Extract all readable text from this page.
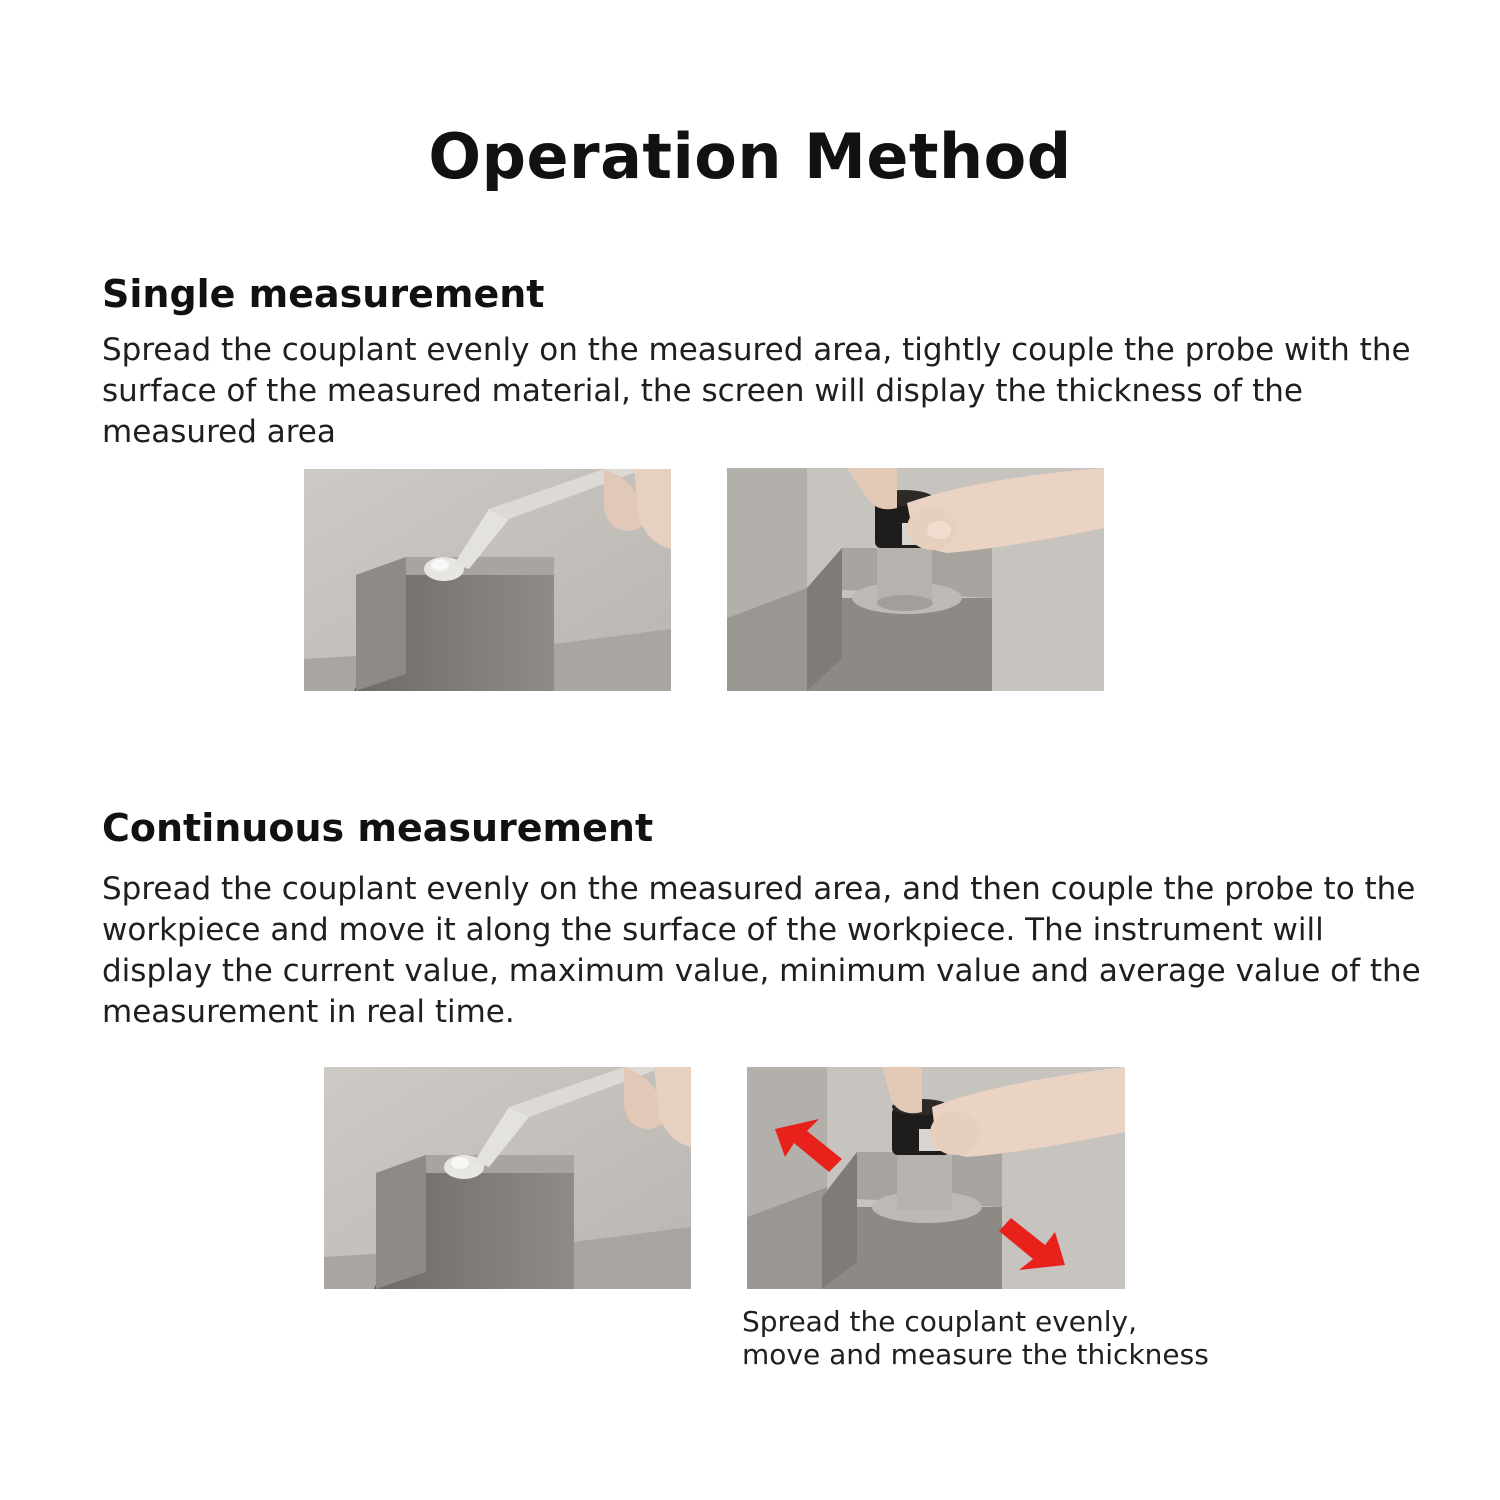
Operation Method
Single measurement

Spread the couplant evenly on the measured area, tightly couple the probe with the surface of the measured material, the screen will display the thickness of the measured area

Continuous measurement

Spread the couplant evenly on the measured area, and then couple the probe to the workpiece and move it along the surface of the workpiece. The instrument will display the current value, maximum value, minimum value and average value of the measurement in real time.

Spread the couplant evenly,
move and measure the thickness
